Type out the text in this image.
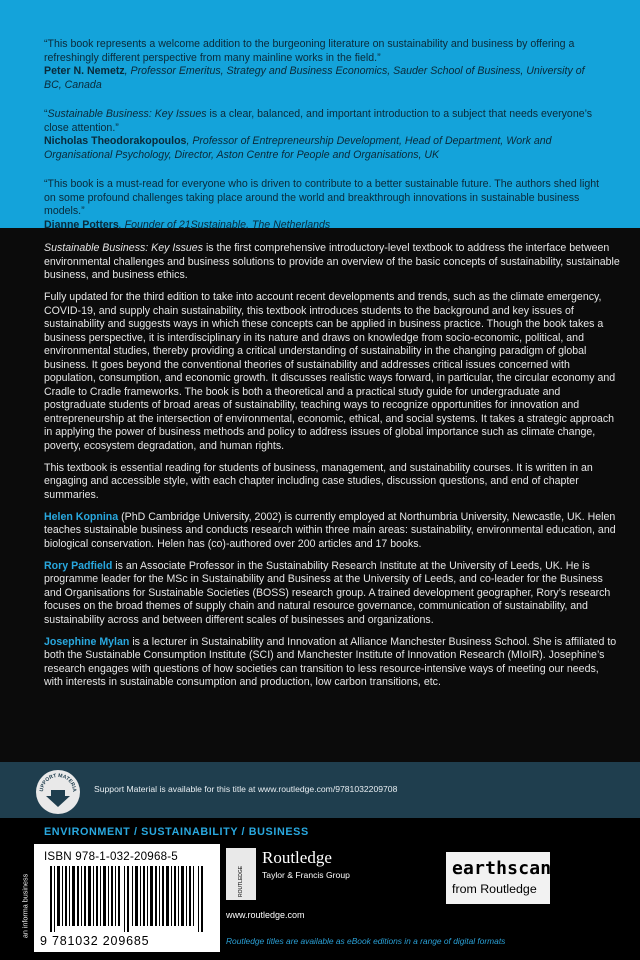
“This book represents a welcome addition to the burgeoning literature on sustainability and business by offering a refreshingly different perspective from many mainline works in the field.”
Peter N. Nemetz, Professor Emeritus, Strategy and Business Economics, Sauder School of Business, University of BC, Canada
“Sustainable Business: Key Issues is a clear, balanced, and important introduction to a subject that needs everyone’s close attention.”
Nicholas Theodorakopoulos, Professor of Entrepreneurship Development, Head of Department, Work and Organisational Psychology, Director, Aston Centre for People and Organisations, UK
“This book is a must-read for everyone who is driven to contribute to a better sustainable future. The authors shed light on some profound challenges taking place around the world and breakthrough innovations in sustainable business models.”
Dianne Potters, Founder of 21Sustainable, The Netherlands

Sustainable Business: Key Issues is the first comprehensive introductory-level textbook to address the interface between environmental challenges and business solutions to provide an overview of the basic concepts of sustainability, sustainable business, and business ethics.

Fully updated for the third edition to take into account recent developments and trends, such as the climate emergency, COVID-19, and supply chain sustainability, this textbook introduces students to the background and key issues of sustainability and suggests ways in which these concepts can be applied in business practice. Though the book takes a business perspective, it is interdisciplinary in its nature and draws on knowledge from socio-economic, political, and environmental studies, thereby providing a critical understanding of sustainability in the changing paradigm of global business. It goes beyond the conventional theories of sustainability and addresses critical issues concerned with population, consumption, and economic growth. It discusses realistic ways forward, in particular, the circular economy and Cradle to Cradle frameworks. The book is both a theoretical and a practical study guide for undergraduate and postgraduate students of broad areas of sustainability, teaching ways to recognize opportunities for innovation and entrepreneurship at the intersection of environmental, economic, ethical, and social systems. It takes a strategic approach in applying the power of business methods and policy to address issues of global importance such as climate change, poverty, ecosystem degradation, and human rights.

This textbook is essential reading for students of business, management, and sustainability courses. It is written in an engaging and accessible style, with each chapter including case studies, discussion questions, and end of chapter summaries.

Helen Kopnina (PhD Cambridge University, 2002) is currently employed at Northumbria University, Newcastle, UK. Helen teaches sustainable business and conducts research within three main areas: sustainability, environmental education, and biological conservation. Helen has (co)-authored over 200 articles and 17 books.

Rory Padfield is an Associate Professor in the Sustainability Research Institute at the University of Leeds, UK. He is programme leader for the MSc in Sustainability and Business at the University of Leeds, and co-leader for the Business and Organisations for Sustainable Societies (BOSS) research group. A trained development geographer, Rory’s research focuses on the broad themes of supply chain and natural resource governance, communication of sustainability, and sustainability across and between different scales of businesses and organizations.

Josephine Mylan is a lecturer in Sustainability and Innovation at Alliance Manchester Business School. She is affiliated to both the Sustainable Consumption Institute (SCI) and Manchester Institute of Innovation Research (MIoIR). Josephine’s research engages with questions of how societies can transition to less resource-intensive ways of meeting our needs, with interests in sustainable consumption and production, low carbon transitions, etc.

UPPORT MATERIA Support Material is available for this title at www.routledge.com/9781032209708
ENVIRONMENT / SUSTAINABILITY / BUSINESS
an informa business
ISBN 978-1-032-20968-5
9 781032 209685
ROUTLEDGE
Routledge
Taylor & Francis Group
www.routledge.com
Routledge titles are available as eBook editions in a range of digital formats
earthscan
from Routledge
